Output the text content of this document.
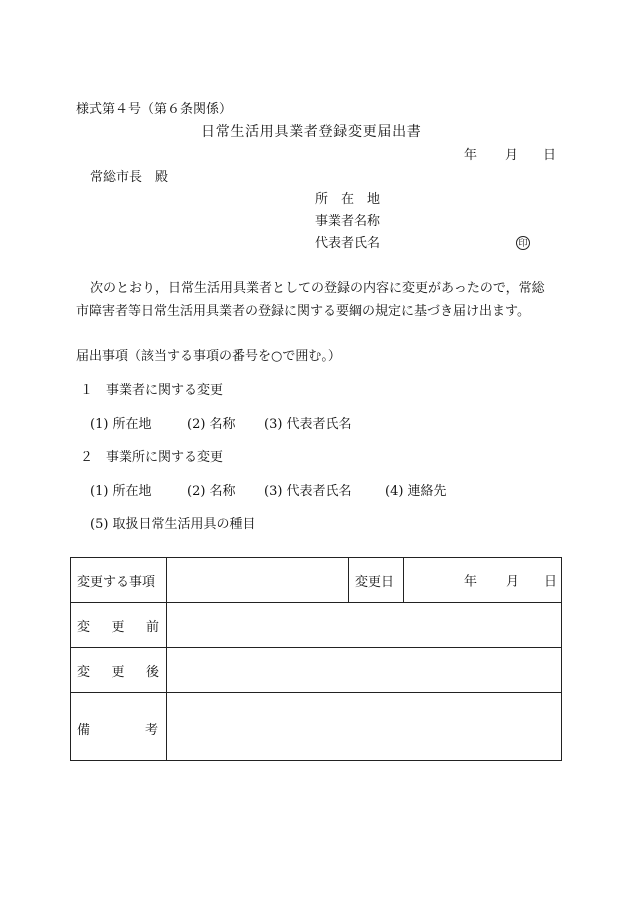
様式第４号（第６条関係）
日常生活用具業者登録変更届出書
年 月 日
常総市長　殿
所　在　地
事業者名称
代表者氏名	印
次のとおり，日常生活用具業者としての登録の内容に変更があったので，常総
市障害者等日常生活用具業者の登録に関する要綱の規定に基づき届け出ます。
届出事項（該当する事項の番号を○で囲む。）
１　事業者に関する変更
(1) 所在地	(2) 名称 (3) 代表者氏名
２　事業所に関する変更
(1) 所在地	(2) 名称 (3) 代表者氏名	(4) 連絡先
(5) 取扱日常生活用具の種目
変更する事項		変更日	年 月 日

変 更 前			

変 更 後			

備 考			
